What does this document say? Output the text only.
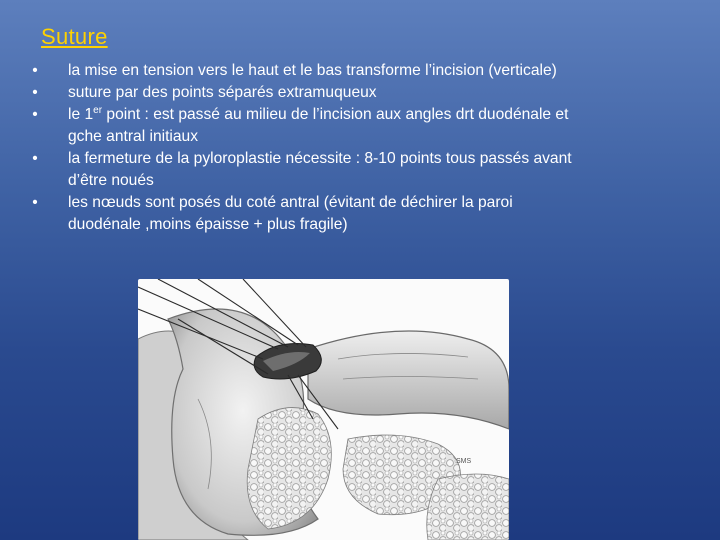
Suture
• la mise en tension vers le haut et le bas transforme l’incision (verticale)
• suture par des points séparés extramuqueux
• le 1er point : est passé au milieu de l’incision aux angles drt duodénale et
gche antral initiaux
• la fermeture de la pyloroplastie nécessite : 8-10 points tous passés avant
d’être noués
• les nœuds sont posés du coté antral (évitant de déchirer la paroi
duodénale ,moins épaisse + plus fragile)
SMS
